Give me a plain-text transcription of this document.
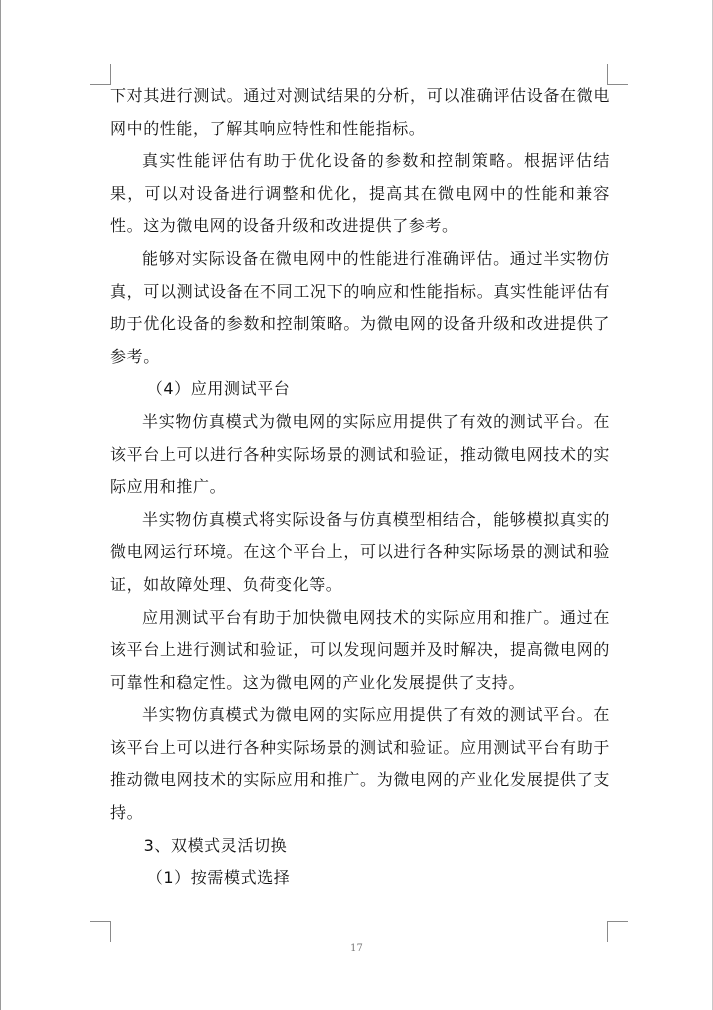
下对其进行测试。通过对测试结果的分析，可以准确评估设备在微电网中的性能，了解其响应特性和性能指标。

真实性能评估有助于优化设备的参数和控制策略。根据评估结果，可以对设备进行调整和优化，提高其在微电网中的性能和兼容性。这为微电网的设备升级和改进提供了参考。

能够对实际设备在微电网中的性能进行准确评估。通过半实物仿真，可以测试设备在不同工况下的响应和性能指标。真实性能评估有助于优化设备的参数和控制策略。为微电网的设备升级和改进提供了参考。

（4）应用测试平台

半实物仿真模式为微电网的实际应用提供了有效的测试平台。在该平台上可以进行各种实际场景的测试和验证，推动微电网技术的实际应用和推广。

半实物仿真模式将实际设备与仿真模型相结合，能够模拟真实的微电网运行环境。在这个平台上，可以进行各种实际场景的测试和验证，如故障处理、负荷变化等。

应用测试平台有助于加快微电网技术的实际应用和推广。通过在该平台上进行测试和验证，可以发现问题并及时解决，提高微电网的可靠性和稳定性。这为微电网的产业化发展提供了支持。

半实物仿真模式为微电网的实际应用提供了有效的测试平台。在该平台上可以进行各种实际场景的测试和验证。应用测试平台有助于推动微电网技术的实际应用和推广。为微电网的产业化发展提供了支持。

3、双模式灵活切换

（1）按需模式选择

17
